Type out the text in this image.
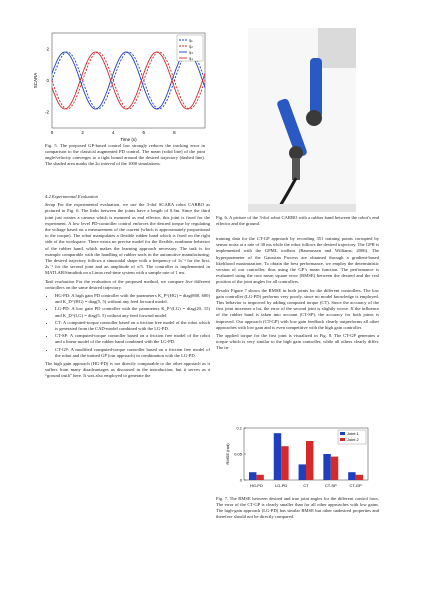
2
0
-2
0	2	4	6	8
Time (s)
SCARA
q₁
q₂
q₃
q₄
Fig. 5. The proposed GP-based control law strongly reduces the tracking error in comparison to the classical augmented PD control. The mean (solid line) of the joint angle/velocity converges to a tight bound around the desired trajectory (dashed line). The shaded area marks the 2σ interval of the 1000 simulations.

4.2 Experimental Evaluation

Setup For the experimental evaluation, we use the 3-dof SCARA robot CARBO as pictured in Fig. 6. The links between the joints have a length of 0.3m. Since the third joint just rotates a camera which is mounted as end effector, this joint is fixed for the experiment. A low level PD-controller control enforces the desired torque by regulating the voltage based on a measurement of the current (which is approximately proportional to the torque). The robot manipulates a flexible rubber band which is fixed on the right side of the workspace. There exists no precise model for the flexible, nonlinear behavior of the rubber band, which makes the learning approach necessary. The task is for example comparable with the handling of rubber seals in the automotive manufacturing. The desired trajectory follows a sinusoidal shape with a frequency of 1s⁻¹ for the first, 2s⁻¹ for the second joint and an amplitude of π/5. The controller is implemented in MATLAB/Simulink on a Linux real-time system with a sample rate of 1 ms.

Task evaluation For the evaluation of the proposed method, we compare five different controllers on the same desired trajectory.

• HG-PD: A high gain PD controller with the parameters K_P^(HG) = diag(800, 600) and K_D^(HG) = diag(5, 5) without any feed forward model.
• LG-PD: A low gain PD controller with the parameters K_P^(LG) = diag(20, 15) and K_D^(LG) = diag(5, 5) without any feed forward model.
• CT: A computed-torque controller based on a friction free model of the robot which is generated from the CAD-model combined with the LG-PD.
• CT-SP: A computed-torque controller based on a friction free model of the robot and a linear model of the rubber band combined with the LG-PD.
• CT-GP: A modified computed-torque controller based on a friction free model of the robot and the trained GP (our approach) in combination with the LG-PD.

The high gain approach (HG-PD) is not directly comparable to the other approach as it suffers from many disadvantages as discussed in the introduction, but it serves as a “ground truth” here. It was also employed to generate the

Fig. 6. A picture of the 3-dof robot CARBO with a rubber band between the robot’s end effector and the ground.

training data for the CT-GP approach by recording 351 training points corrupted by sensor noise at a rate of 30 ms while the robot follows the desired trajectory. The GPR is implemented with the GPML toolbox (Rasmussen and Williams, 2006). The hyperparameter of the Gaussian Process are obtained through a gradient-based likelihood maximization. To obtain the best performance, we employ the deterministic version of our controller, thus using the GP’s mean function. The performance is evaluated using the root mean square error (RMSE) between the desired and the real position of the joint angles for all controllers.

Results Figure 7 shows the RMSE in both joints for the different controllers. The low gain controller (LG-PD) performs very poorly, since no model knowledge is employed. This behavior is improved by adding computed torque (CT). Since the accuracy of the first joint increases a lot, the error of the second joint is slightly worse. If the influence of the rubber band is taken into account (CT-SP), the accuracy for both joints is improved. Our approach (CT-GP) with low gain feedback clearly outperforms all other approaches with low gain and is even competitive with the high gain controller.

The applied torque for the first joint is visualized in Fig. 8. The CT-GP generates a torque which is very similar to the high gain controller, while all others clearly differ. The in-

0
0.05
0.1
RMSE (rad)
HG-PD	LG-PD	CT	CT-SP	CT-GP
Joint 1
Joint 2
Fig. 7. The RMSE between desired and true joint angles for the different control laws. The error of the CT-GP is clearly smaller than for all other approaches with low gains. The high-gain approach (LG-PD) has similar RMSE but other undesired properties and therefore should not be directly compared.
